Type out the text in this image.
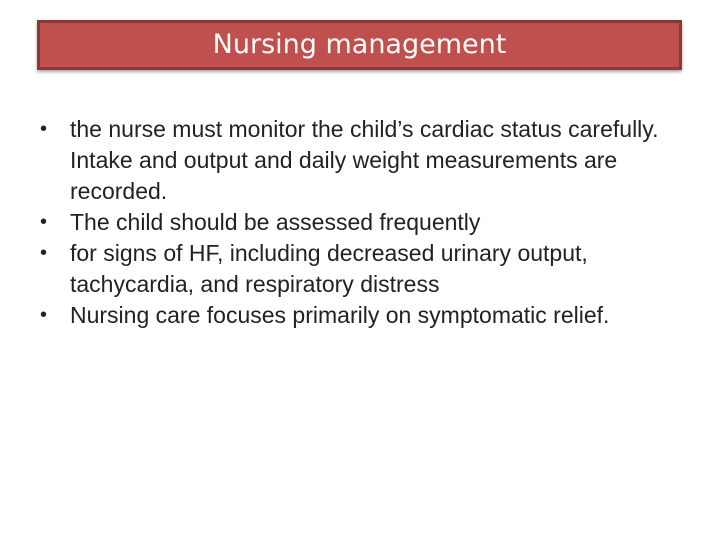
Nursing management
• the nurse must monitor the child’s cardiac status carefully. Intake and output and daily weight measurements are recorded.
• The child should be assessed frequently
• for signs of HF, including decreased urinary output, tachycardia, and respiratory distress
• Nursing care focuses primarily on symptomatic relief.
